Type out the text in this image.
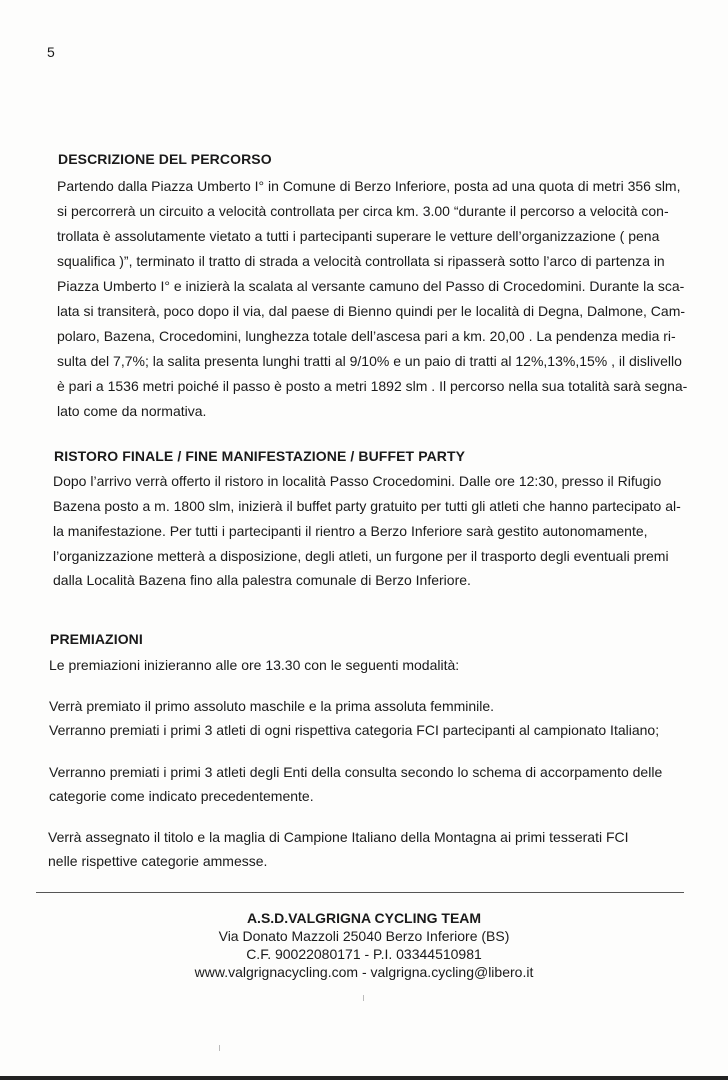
5
DESCRIZIONE DEL PERCORSO
Partendo dalla Piazza Umberto I° in Comune di Berzo Inferiore, posta ad una quota di metri 356 slm,
si percorrerà un circuito a velocità controllata per circa km. 3.00 “durante il percorso a velocità con-
trollata è assolutamente vietato a tutti i partecipanti superare le vetture dell’organizzazione ( pena
squalifica )”, terminato il tratto di strada a velocità controllata si ripasserà sotto l’arco di partenza in
Piazza Umberto I° e inizierà la scalata al versante camuno del Passo di Crocedomini. Durante la sca-
lata si transiterà, poco dopo il via, dal paese di Bienno quindi per le località di Degna, Dalmone, Cam-
polaro, Bazena, Crocedomini, lunghezza totale dell’ascesa pari a km. 20,00 . La pendenza media ri-
sulta del 7,7%; la salita presenta lunghi tratti al 9/10% e un paio di tratti al 12%,13%,15% , il dislivello
è pari a 1536 metri poiché il passo è posto a metri 1892 slm . Il percorso nella sua totalità sarà segna-
lato come da normativa.
RISTORO FINALE / FINE MANIFESTAZIONE / BUFFET PARTY
Dopo l’arrivo verrà offerto il ristoro in località Passo Crocedomini. Dalle ore 12:30, presso il Rifugio
Bazena posto a m. 1800 slm, inizierà il buffet party gratuito per tutti gli atleti che hanno partecipato al-
la manifestazione. Per tutti i partecipanti il rientro a Berzo Inferiore sarà gestito autonomamente,
l’organizzazione metterà a disposizione, degli atleti, un furgone per il trasporto degli eventuali premi
dalla Località Bazena fino alla palestra comunale di Berzo Inferiore.
PREMIAZIONI
Le premiazioni inizieranno alle ore 13.30 con le seguenti modalità:
Verrà premiato il primo assoluto maschile e la prima assoluta femminile.
Verranno premiati i primi 3 atleti di ogni rispettiva categoria FCI partecipanti al campionato Italiano;
Verranno premiati i primi 3 atleti degli Enti della consulta secondo lo schema di accorpamento delle
categorie come indicato precedentemente.
Verrà assegnato il titolo e la maglia di Campione Italiano della Montagna ai primi tesserati FCI
nelle rispettive categorie ammesse.
A.S.D.VALGRIGNA CYCLING TEAM
Via Donato Mazzoli 25040 Berzo Inferiore (BS)
C.F. 90022080171 - P.I. 03344510981
www.valgrignacycling.com - valgrigna.cycling@libero.it
